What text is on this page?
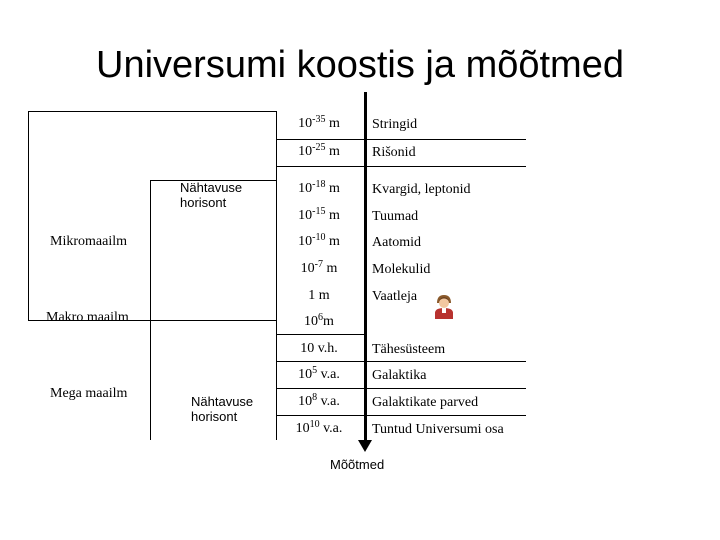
Universumi koostis ja mõõtmed
$10^{-35}$ m
$10^{-25}$ m
$10^{-18}$ m
$10^{-15}$ m
$10^{-10}$ m
$10^{-7}$ m
1 m
$10^6m$
10 v.h.
$10^5$ v.a.
$10^8$ v.a.
$10^{10}$ v.a.
Stringid
Rišonid
Kvargid, leptonid
Tuumad
Aatomid
Molekulid
Vaatleja
Tähesüsteem
Galaktika
Galaktikate parved
Tuntud Universumi osa
Mikromaailm
Makro maailm
Mega maailm
Nähtavuse horisont
Nähtavuse horisont
Mõõtmed
